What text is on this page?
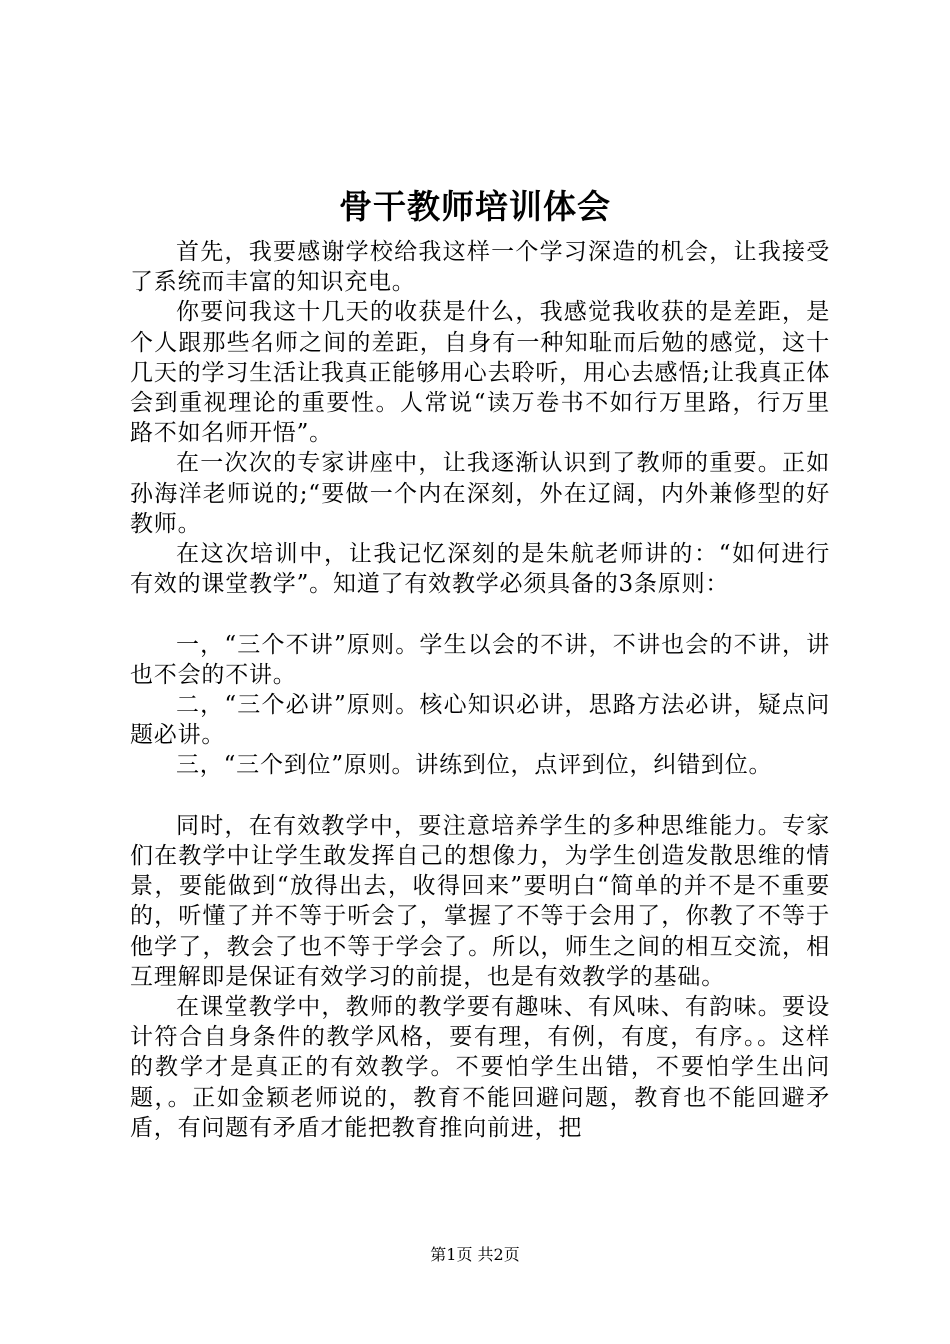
骨干教师培训体会

首先，我要感谢学校给我这样一个学习深造的机会，让我接受了系统而丰富的知识充电。

你要问我这十几天的收获是什么，我感觉我收获的是差距，是个人跟那些名师之间的差距，自身有一种知耻而后勉的感觉，这十几天的学习生活让我真正能够用心去聆听，用心去感悟;让我真正体会到重视理论的重要性。人常说“读万卷书不如行万里路，行万里路不如名师开悟”。

在一次次的专家讲座中，让我逐渐认识到了教师的重要。正如孙海洋老师说的;“要做一个内在深刻，外在辽阔，内外兼修型的好教师。

在这次培训中，让我记忆深刻的是朱航老师讲的：“如何进行有效的课堂教学”。知道了有效教学必须具备的3条原则：

一，“三个不讲”原则。学生以会的不讲，不讲也会的不讲，讲也不会的不讲。

二，“三个必讲”原则。核心知识必讲，思路方法必讲，疑点问题必讲。

三，“三个到位”原则。讲练到位，点评到位，纠错到位。

同时，在有效教学中，要注意培养学生的多种思维能力。专家们在教学中让学生敢发挥自己的想像力，为学生创造发散思维的情景，要能做到“放得出去，收得回来”要明白“简单的并不是不重要的，听懂了并不等于听会了，掌握了不等于会用了，你教了不等于他学了，教会了也不等于学会了。所以，师生之间的相互交流，相互理解即是保证有效学习的前提，也是有效教学的基础。

在课堂教学中，教师的教学要有趣味、有风味、有韵味。要设计符合自身条件的教学风格，要有理，有例，有度，有序。。这样的教学才是真正的有效教学。不要怕学生出错，不要怕学生出问题，。正如金颖老师说的，教育不能回避问题，教育也不能回避矛盾，有问题有矛盾才能把教育推向前进，把

第1页 共2页
